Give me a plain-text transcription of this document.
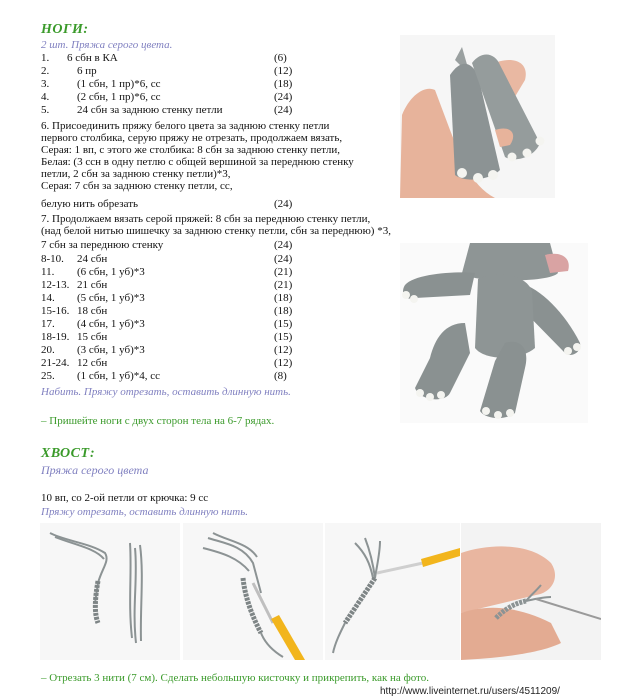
НОГИ:
2 шт. Пряжа серого цвета.
1. 6 сбн в КА	(6)
2.	6 пр	(12)
3.	(1 сбн, 1 пр)*6, сс	(18)
4.	(2 сбн, 1 пр)*6, сс	(24)
5.	24 сбн за заднюю стенку петли	(24)
6. Присоединить пряжу белого цвета за заднюю стенку петли
первого столбика, серую пряжу не отрезать, продолжаем вязать,
Серая: 1 вп, с этого же столбика: 8 сбн за заднюю стенку петли,
Белая: (3 ссн в одну петлю с общей вершиной за переднюю стенку
петли, 2 сбн за заднюю стенку петли)*3,
Серая: 7 сбн за заднюю стенку петли, сс,
белую нить обрезать	(24)
7. Продолжаем вязать серой пряжей: 8 сбн за переднюю стенку петли,
(над белой нитью шишечку за заднюю стенку петли, сбн за переднюю) *3,
7 сбн за переднюю стенку	(24)
8-10. 24 сбн	(24)
11. (6 сбн, 1 уб)*3	(21)
12-13. 21 сбн	(21)
14. (5 сбн, 1 уб)*3	(18)
15-16. 18 сбн	(18)
17. (4 сбн, 1 уб)*3	(15)
18-19. 15 сбн	(15)
20. (3 сбн, 1 уб)*3	(12)
21-24. 12 сбн	(12)
25. (1 сбн, 1 уб)*4, сс	(8)
Набить. Пряжу отрезать, оставить длинную нить.
– Пришейте ноги с двух сторон тела на 6-7 рядах.
ХВОСТ:
Пряжа серого цвета
10 вп, со 2-ой петли от крючка: 9 сс
Пряжу отрезать, оставить длинную нить.
– Отрезать 3 нити (7 см). Сделать небольшую кисточку и прикрепить, как на фото.
http://www.liveinternet.ru/users/4511209/
